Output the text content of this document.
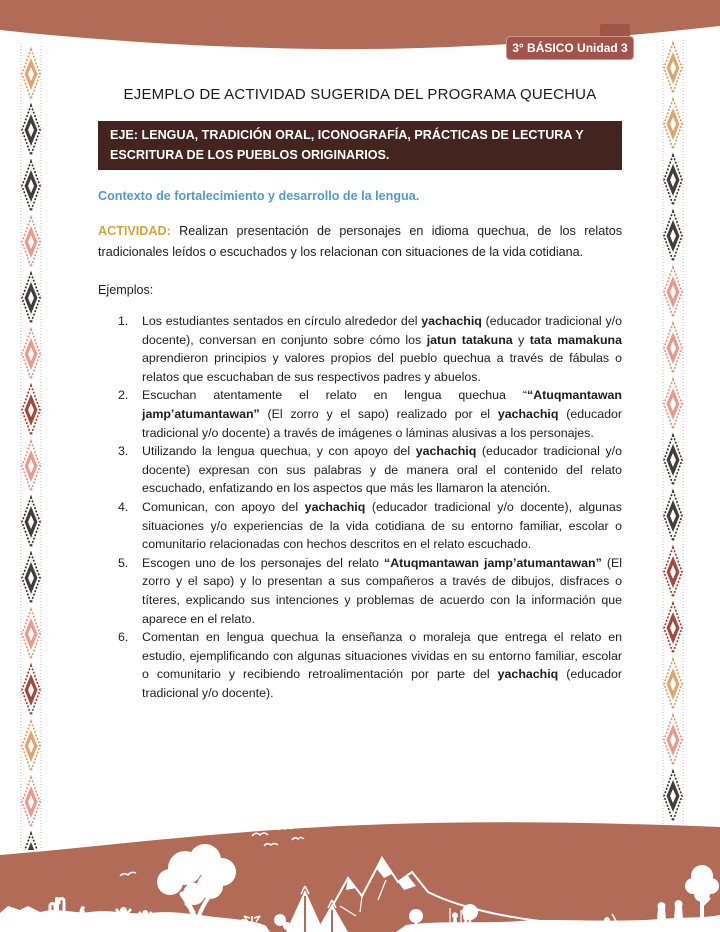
3° BÁSICO Unidad 3
EJEMPLO DE ACTIVIDAD SUGERIDA DEL PROGRAMA QUECHUA
EJE: LENGUA, TRADICIÓN ORAL, ICONOGRAFÍA, PRÁCTICAS DE LECTURA Y ESCRITURA DE LOS PUEBLOS ORIGINARIOS.
Contexto de fortalecimiento y desarrollo de la lengua.
ACTIVIDAD: Realizan presentación de personajes en idioma quechua, de los relatos tradicionales leídos o escuchados y los relacionan con situaciones de la vida cotidiana.
Ejemplos:
1.	Los estudiantes sentados en círculo alrededor del yachachiq (educador tradicional y/o docente), conversan en conjunto sobre cómo los jatun tatakuna y tata mamakuna aprendieron principios y valores propios del pueblo quechua a través de fábulas o relatos que escuchaban de sus respectivos padres y abuelos.
2.	Escuchan atentamente el relato en lengua quechua ““Atuqmantawan jamp’atumantawan” (El zorro y el sapo) realizado por el yachachiq (educador tradicional y/o docente) a través de imágenes o láminas alusivas a los personajes.
3.	Utilizando la lengua quechua, y con apoyo del yachachiq (educador tradicional y/o docente) expresan con sus palabras y de manera oral el contenido del relato escuchado, enfatizando en los aspectos que más les llamaron la atención.
4.	Comunican, con apoyo del yachachiq (educador tradicional y/o docente), algunas situaciones y/o experiencias de la vida cotidiana de su entorno familiar, escolar o comunitario relacionadas con hechos descritos en el relato escuchado.
5.	Escogen uno de los personajes del relato “Atuqmantawan jamp’atumantawan” (El zorro y el sapo) y lo presentan a sus compañeros a través de dibujos, disfraces o títeres, explicando sus intenciones y problemas de acuerdo con la información que aparece en el relato.
6.	Comentan en lengua quechua la enseñanza o moraleja que entrega el relato en estudio, ejemplificando con algunas situaciones vividas en su entorno familiar, escolar o comunitario y recibiendo retroalimentación por parte del yachachiq (educador tradicional y/o docente).
